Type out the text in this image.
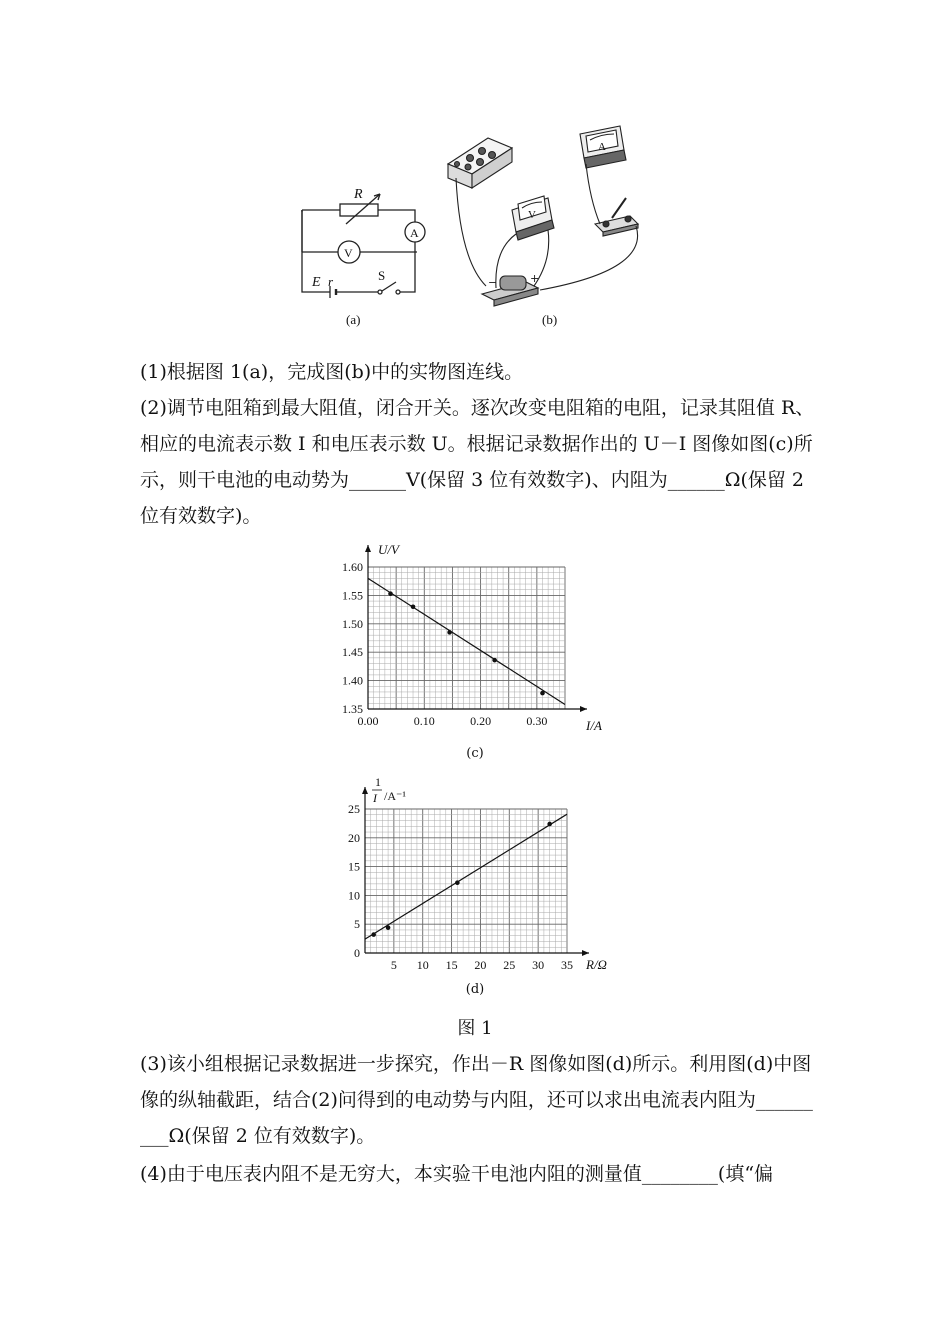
R
A
V
E r	S
(a)	(b)
V
A
+
−
(1)根据图 1(a)，完成图(b)中的实物图连线。
(2)调节电阻箱到最大阻值，闭合开关。逐次改变电阻箱的电阻，记录其阻值 R、
相应的电流表示数 I 和电压表示数 U。根据记录数据作出的 U－I 图像如图(c)所
示，则干电池的电动势为______V(保留 3 位有效数字)、内阻为______Ω(保留 2
位有效数字)。
1.35
1.40
1.45
1.50
1.55
1.60
0.00	0.10	0.20	0.30
U/V
I/A
(c)
0
5
10
15
20
25
5 10 15 20 25 30 35
1
I /A⁻¹
R/Ω
(d)
图 1
(3)该小组根据记录数据进一步探究，作出－R 图像如图(d)所示。利用图(d)中图
像的纵轴截距，结合(2)问得到的电动势与内阻，还可以求出电流表内阻为______
___Ω(保留 2 位有效数字)。
(4)由于电压表内阻不是无穷大，本实验干电池内阻的测量值________(填“偏
